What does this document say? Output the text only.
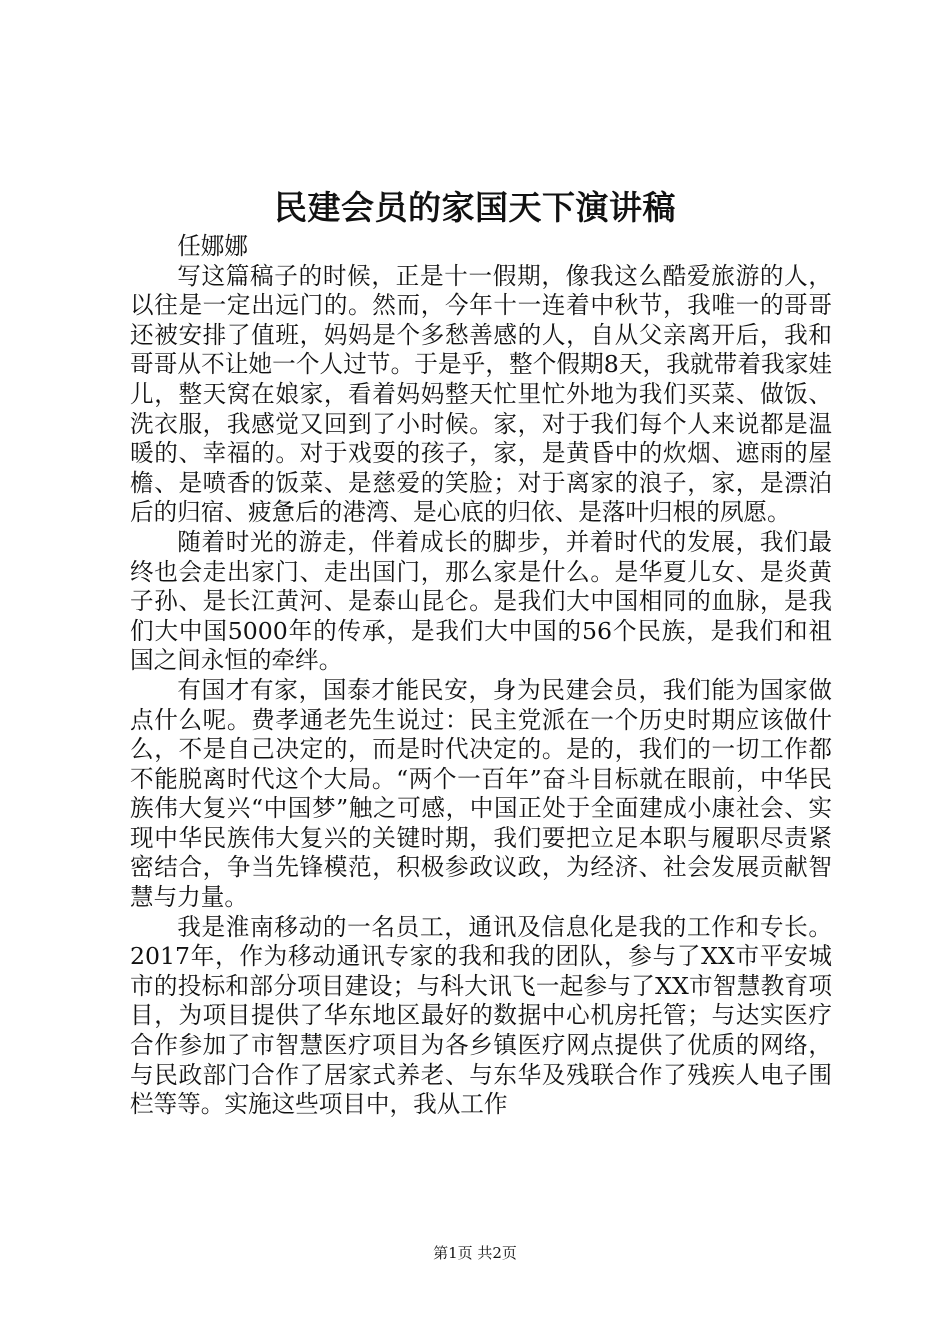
民建会员的家国天下演讲稿

任娜娜

写这篇稿子的时候，正是十一假期，像我这么酷爱旅游的人，以往是一定出远门的。然而，今年十一连着中秋节，我唯一的哥哥还被安排了值班，妈妈是个多愁善感的人，自从父亲离开后，我和哥哥从不让她一个人过节。于是乎，整个假期8天，我就带着我家娃儿，整天窝在娘家，看着妈妈整天忙里忙外地为我们买菜、做饭、洗衣服，我感觉又回到了小时候。家，对于我们每个人来说都是温暖的、幸福的。对于戏耍的孩子，家，是黄昏中的炊烟、遮雨的屋檐、是喷香的饭菜、是慈爱的笑脸；对于离家的浪子，家，是漂泊后的归宿、疲惫后的港湾、是心底的归依、是落叶归根的夙愿。

随着时光的游走，伴着成长的脚步，并着时代的发展，我们最终也会走出家门、走出国门，那么家是什么。是华夏儿女、是炎黄子孙、是长江黄河、是泰山昆仑。是我们大中国相同的血脉，是我们大中国5000年的传承，是我们大中国的56个民族，是我们和祖国之间永恒的牵绊。

有国才有家，国泰才能民安，身为民建会员，我们能为国家做点什么呢。费孝通老先生说过：民主党派在一个历史时期应该做什么，不是自己决定的，而是时代决定的。是的，我们的一切工作都不能脱离时代这个大局。“两个一百年”奋斗目标就在眼前，中华民族伟大复兴“中国梦”触之可感，中国正处于全面建成小康社会、实现中华民族伟大复兴的关键时期，我们要把立足本职与履职尽责紧密结合，争当先锋模范，积极参政议政，为经济、社会发展贡献智慧与力量。

我是淮南移动的一名员工，通讯及信息化是我的工作和专长。2017年，作为移动通讯专家的我和我的团队，参与了XX市平安城市的投标和部分项目建设；与科大讯飞一起参与了XX市智慧教育项目，为项目提供了华东地区最好的数据中心机房托管；与达实医疗合作参加了市智慧医疗项目为各乡镇医疗网点提供了优质的网络，与民政部门合作了居家式养老、与东华及残联合作了残疾人电子围栏等等。实施这些项目中，我从工作

第1页 共2页
